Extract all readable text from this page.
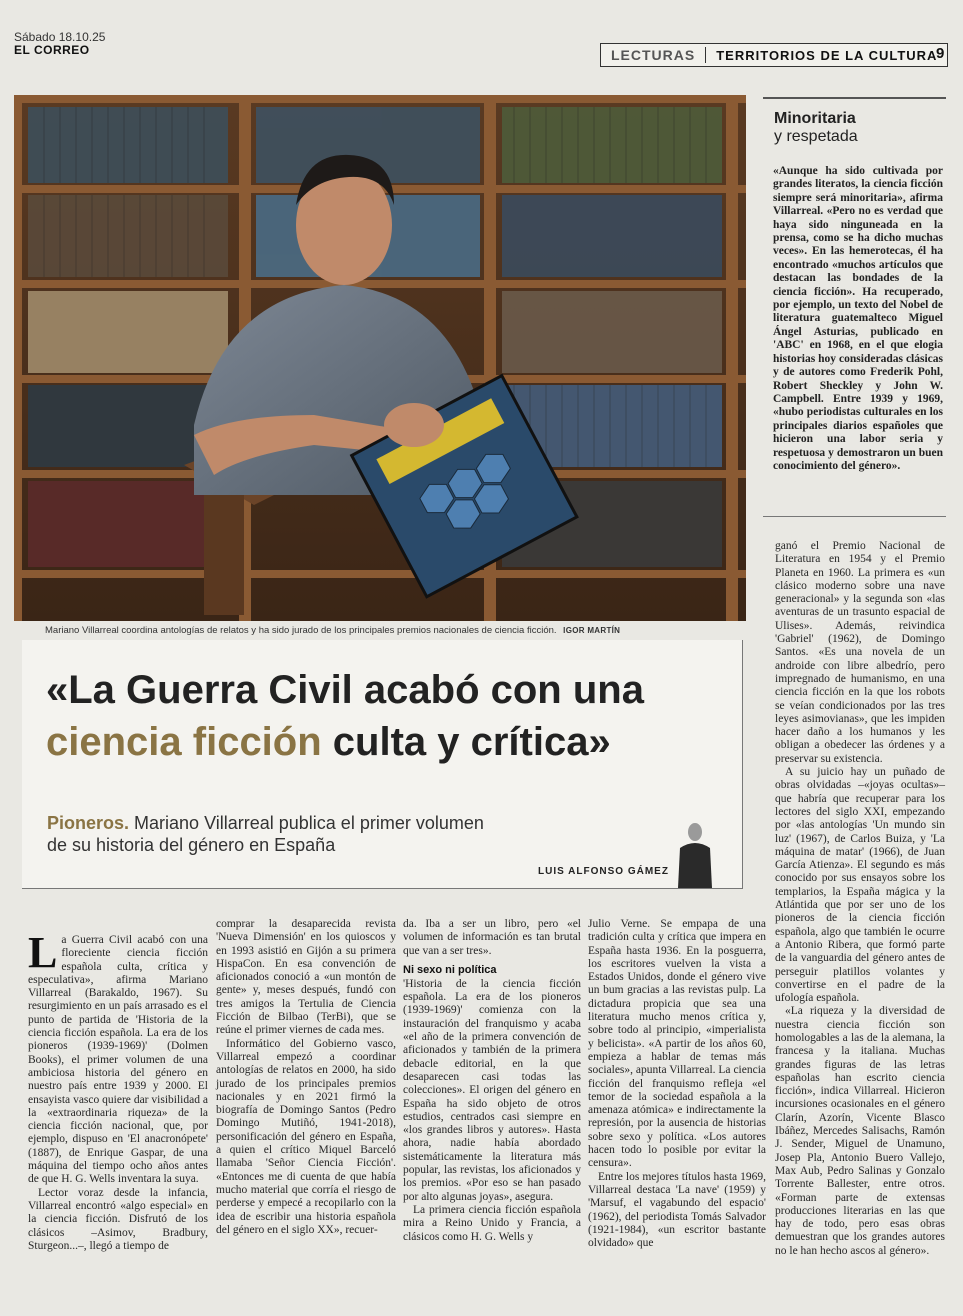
Sábado 18.10.25
EL CORREO	LECTURAS	TERRITORIOS DE LA CULTURA
9
Mariano Villarreal coordina antologías de relatos y ha sido jurado de los principales premios nacionales de ciencia ficción. IGOR MARTÍN
«La Guerra Civil acabó con una
ciencia ficción culta y crítica»
Pioneros. Mariano Villarreal publica el primer volumen de su historia del género en España
LUIS ALFONSO GÁMEZ
Minoritaria
y respetada
«Aunque ha sido cultivada por grandes literatos, la ciencia ficción siempre será minoritaria», afirma Villarreal. «Pero no es verdad que haya sido ninguneada en la prensa, como se ha dicho muchas veces». En las hemerotecas, él ha encontrado «muchos artículos que destacan las bondades de la ciencia ficción». Ha recuperado, por ejemplo, un texto del Nobel de literatura guatemalteco Miguel Ángel Asturias, publicado en 'ABC' en 1968, en el que elogia historias hoy consideradas clásicas y de autores como Frederik Pohl, Robert Sheckley y John W. Campbell. Entre 1939 y 1969, «hubo periodistas culturales en los principales diarios españoles que hicieron una labor seria y respetuosa y demostraron un buen conocimiento del género».

ganó el Premio Nacional de Literatura en 1954 y el Premio Planeta en 1960. La primera es «un clásico moderno sobre una nave generacional» y la segunda son «las aventuras de un trasunto espacial de Ulises». Además, reivindica 'Gabriel' (1962), de Domingo Santos. «Es una novela de un androide con libre albedrío, pero impregnado de humanismo, en una ciencia ficción en la que los robots se veían condicionados por las tres leyes asimovianas», que les impiden hacer daño a los humanos y les obligan a obedecer las órdenes y a preservar su existencia.

A su juicio hay un puñado de obras olvidadas –«joyas ocultas»– que habría que recuperar para los lectores del siglo XXI, empezando por «las antologías 'Un mundo sin luz' (1967), de Carlos Buiza, y 'La máquina de matar' (1966), de Juan García Atienza». El segundo es más conocido por sus ensayos sobre los templarios, la España mágica y la Atlántida que por ser uno de los pioneros de la ciencia ficción española, algo que también le ocurre a Antonio Ribera, que formó parte de la vanguardia del género antes de perseguir platillos volantes y convertirse en el padre de la ufología española.

«La riqueza y la diversidad de nuestra ciencia ficción son homologables a las de la alemana, la francesa y la italiana. Muchas grandes figuras de las letras españolas han escrito ciencia ficción», indica Villarreal. Hicieron incursiones ocasionales en el género Clarín, Azorín, Vicente Blasco Ibáñez, Mercedes Salisachs, Ramón J. Sender, Miguel de Unamuno, Josep Pla, Antonio Buero Vallejo, Max Aub, Pedro Salinas y Gonzalo Torrente Ballester, entre otros. «Forman parte de extensas producciones literarias en las que hay de todo, pero esas obras demuestran que los grandes autores no le han hecho ascos al género».

La Guerra Civil acabó con una floreciente ciencia ficción española culta, crítica y especulativa», afirma Mariano Villarreal (Barakaldo, 1967). Su resurgimiento en un país arrasado es el punto de partida de 'Historia de la ciencia ficción española. La era de los pioneros (1939-1969)' (Dolmen Books), el primer volumen de una ambiciosa historia del género en nuestro país entre 1939 y 2000. El ensayista vasco quiere dar visibilidad a la «extraordinaria riqueza» de la ciencia ficción nacional, que, por ejemplo, dispuso en 'El anacronópete' (1887), de Enrique Gaspar, de una máquina del tiempo ocho años antes de que H. G. Wells inventara la suya.

Lector voraz desde la infancia, Villarreal encontró «algo especial» en la ciencia ficción. Disfrutó de los clásicos –Asimov, Bradbury, Sturgeon...–, llegó a tiempo de

comprar la desaparecida revista 'Nueva Dimensión' en los quioscos y en 1993 asistió en Gijón a su primera HispaCon. En esa convención de aficionados conoció a «un montón de gente» y, meses después, fundó con tres amigos la Tertulia de Ciencia Ficción de Bilbao (TerBi), que se reúne el primer viernes de cada mes.

Informático del Gobierno vasco, Villarreal empezó a coordinar antologías de relatos en 2000, ha sido jurado de los principales premios nacionales y en 2021 firmó la biografía de Domingo Santos (Pedro Domingo Mutiñó, 1941-2018), personificación del género en España, a quien el crítico Miquel Barceló llamaba 'Señor Ciencia Ficción'. «Entonces me di cuenta de que había mucho material que corría el riesgo de perderse y empecé a recopilarlo con la idea de escribir una historia española del género en el siglo XX», recuer-

da. Iba a ser un libro, pero «el volumen de información es tan brutal que van a ser tres».

Ni sexo ni política

'Historia de la ciencia ficción española. La era de los pioneros (1939-1969)' comienza con la instauración del franquismo y acaba «el año de la primera convención de aficionados y también de la primera debacle editorial, en la que desaparecen casi todas las colecciones». El origen del género en España ha sido objeto de otros estudios, centrados casi siempre en «los grandes libros y autores». Hasta ahora, nadie había abordado sistemáticamente la literatura más popular, las revistas, los aficionados y los premios. «Por eso se han pasado por alto algunas joyas», asegura.

La primera ciencia ficción española mira a Reino Unido y Francia, a clásicos como H. G. Wells y

Julio Verne. Se empapa de una tradición culta y crítica que impera en España hasta 1936. En la posguerra, los escritores vuelven la vista a Estados Unidos, donde el género vive un bum gracias a las revistas pulp. La dictadura propicia que sea una literatura mucho menos crítica y, sobre todo al principio, «imperialista y belicista». «A partir de los años 60, empieza a hablar de temas más sociales», apunta Villarreal. La ciencia ficción del franquismo refleja «el temor de la sociedad española a la amenaza atómica» e indirectamente la represión, por la ausencia de historias sobre sexo y política. «Los autores hacen todo lo posible por evitar la censura».

Entre los mejores títulos hasta 1969, Villarreal destaca 'La nave' (1959) y 'Marsuf, el vagabundo del espacio' (1962), del periodista Tomás Salvador (1921-1984), «un escritor bastante olvidado» que
